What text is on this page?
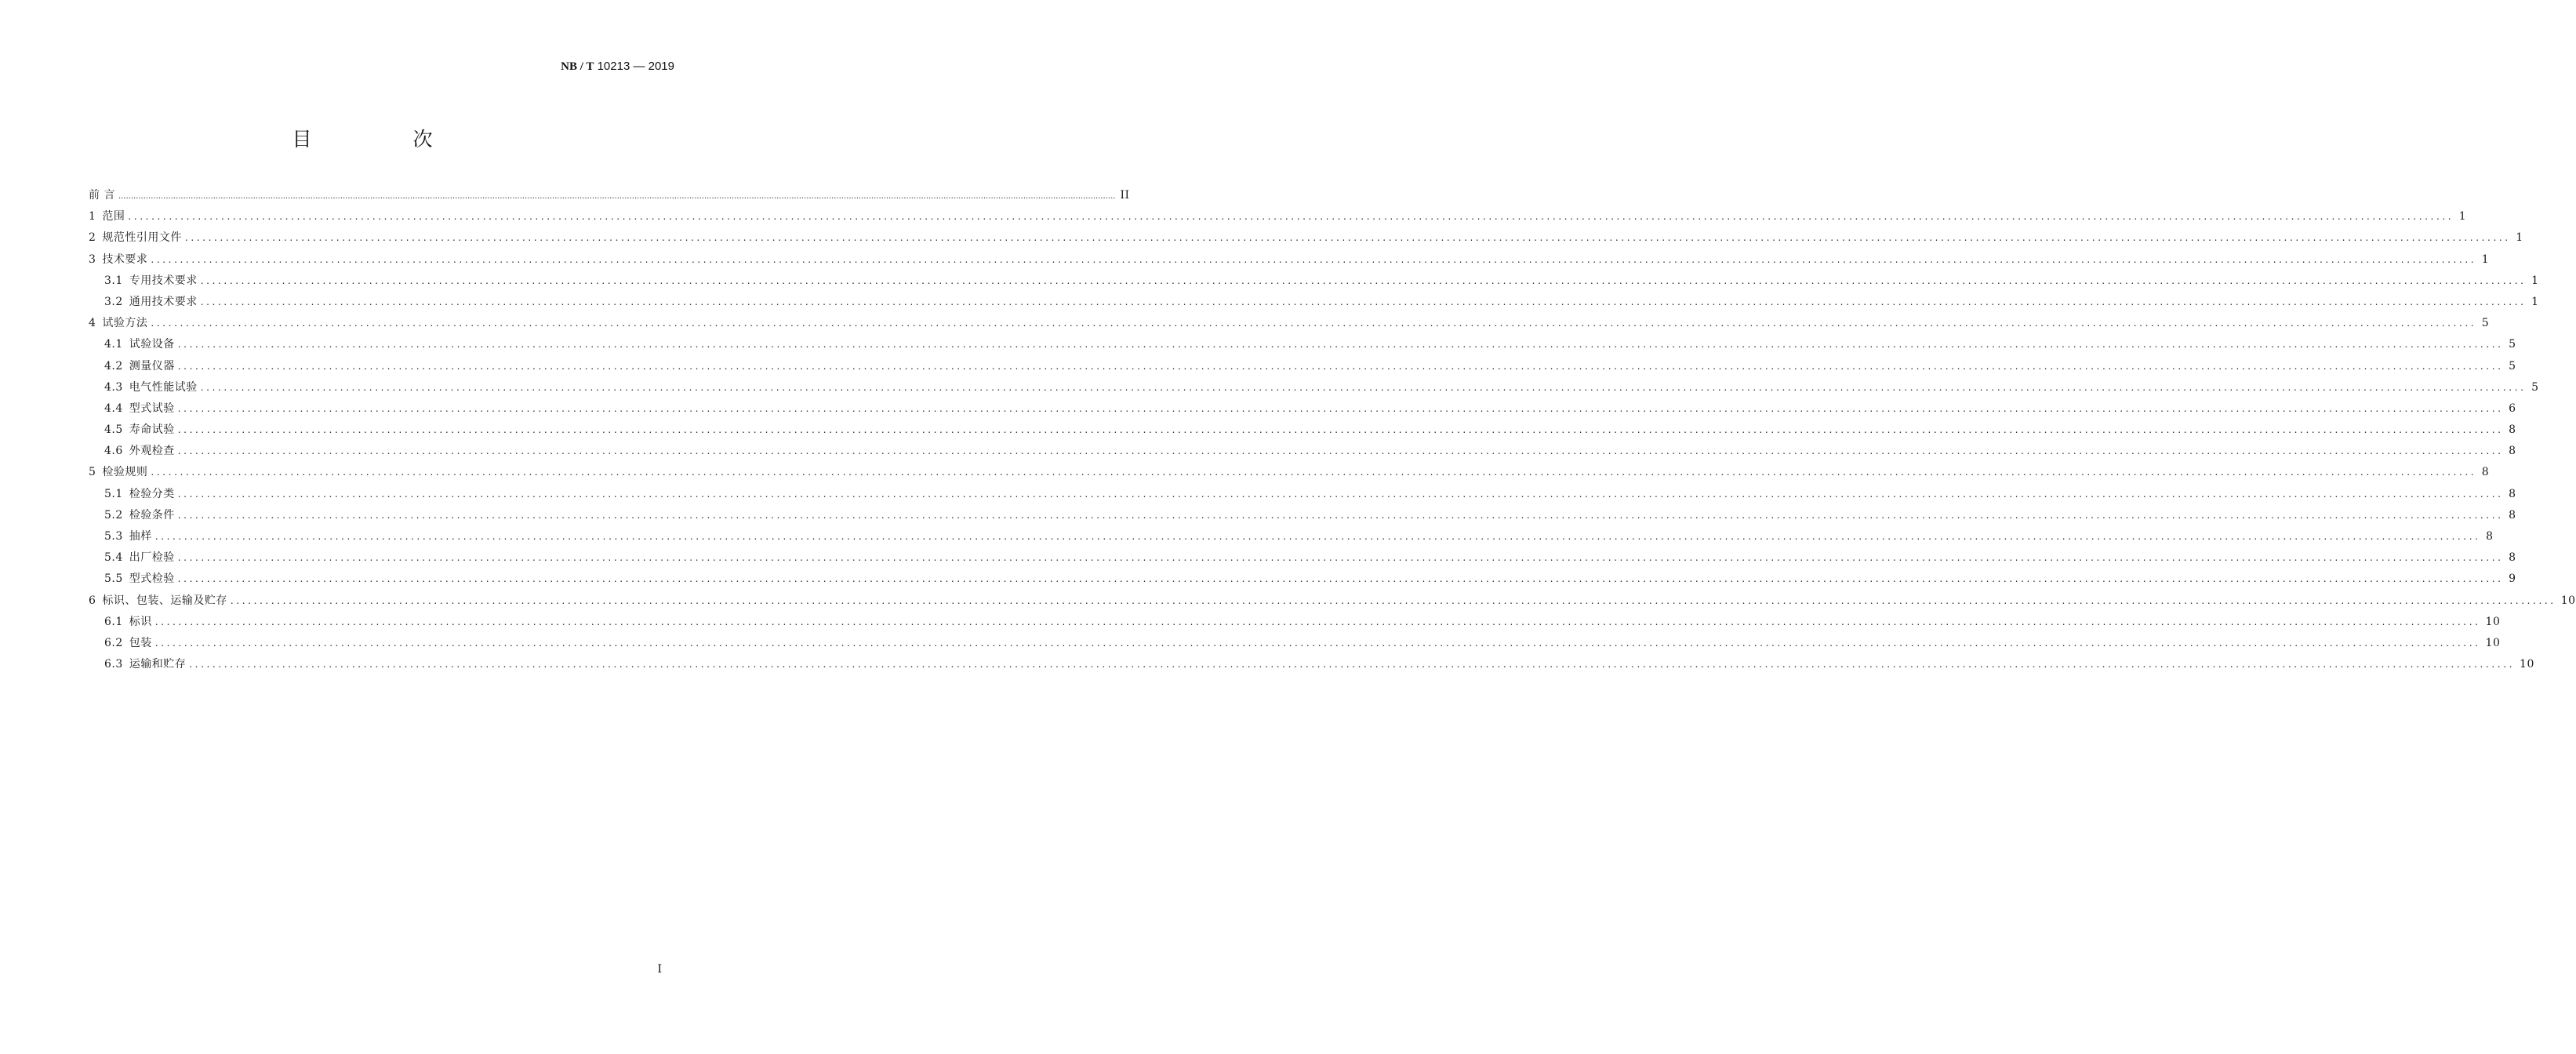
NB / T 10213 — 2019
目　次
前 言 ................................................................................................................................................................................................................................................................................................................................................................................................................ II
1 范围 ................................................................................................................................................................................................................................................................................................................................................................................................................ 1
2 规范性引用文件 ................................................................................................................................................................................................................................................................................................................................................................................................................ 1
3 技术要求 ................................................................................................................................................................................................................................................................................................................................................................................................................ 1
3.1 专用技术要求 ................................................................................................................................................................................................................................................................................................................................................................................................................ 1
3.2 通用技术要求 ................................................................................................................................................................................................................................................................................................................................................................................................................ 1
4 试验方法 ................................................................................................................................................................................................................................................................................................................................................................................................................ 5
4.1 试验设备 ................................................................................................................................................................................................................................................................................................................................................................................................................ 5
4.2 测量仪器 ................................................................................................................................................................................................................................................................................................................................................................................................................ 5
4.3 电气性能试验 ................................................................................................................................................................................................................................................................................................................................................................................................................ 5
4.4 型式试验 ................................................................................................................................................................................................................................................................................................................................................................................................................ 6
4.5 寿命试验 ................................................................................................................................................................................................................................................................................................................................................................................................................ 8
4.6 外观检查 ................................................................................................................................................................................................................................................................................................................................................................................................................ 8
5 检验规则 ................................................................................................................................................................................................................................................................................................................................................................................................................ 8
5.1 检验分类 ................................................................................................................................................................................................................................................................................................................................................................................................................ 8
5.2 检验条件 ................................................................................................................................................................................................................................................................................................................................................................................................................ 8
5.3 抽样 ................................................................................................................................................................................................................................................................................................................................................................................................................ 8
5.4 出厂检验 ................................................................................................................................................................................................................................................................................................................................................................................................................ 8
5.5 型式检验 ................................................................................................................................................................................................................................................................................................................................................................................................................ 9
6 标识、包装、运输及贮存 ................................................................................................................................................................................................................................................................................................................................................................................................................ 10
6.1 标识 ................................................................................................................................................................................................................................................................................................................................................................................................................ 10
6.2 包装 ................................................................................................................................................................................................................................................................................................................................................................................................................ 10
6.3 运输和贮存 ................................................................................................................................................................................................................................................................................................................................................................................................................ 10
I
